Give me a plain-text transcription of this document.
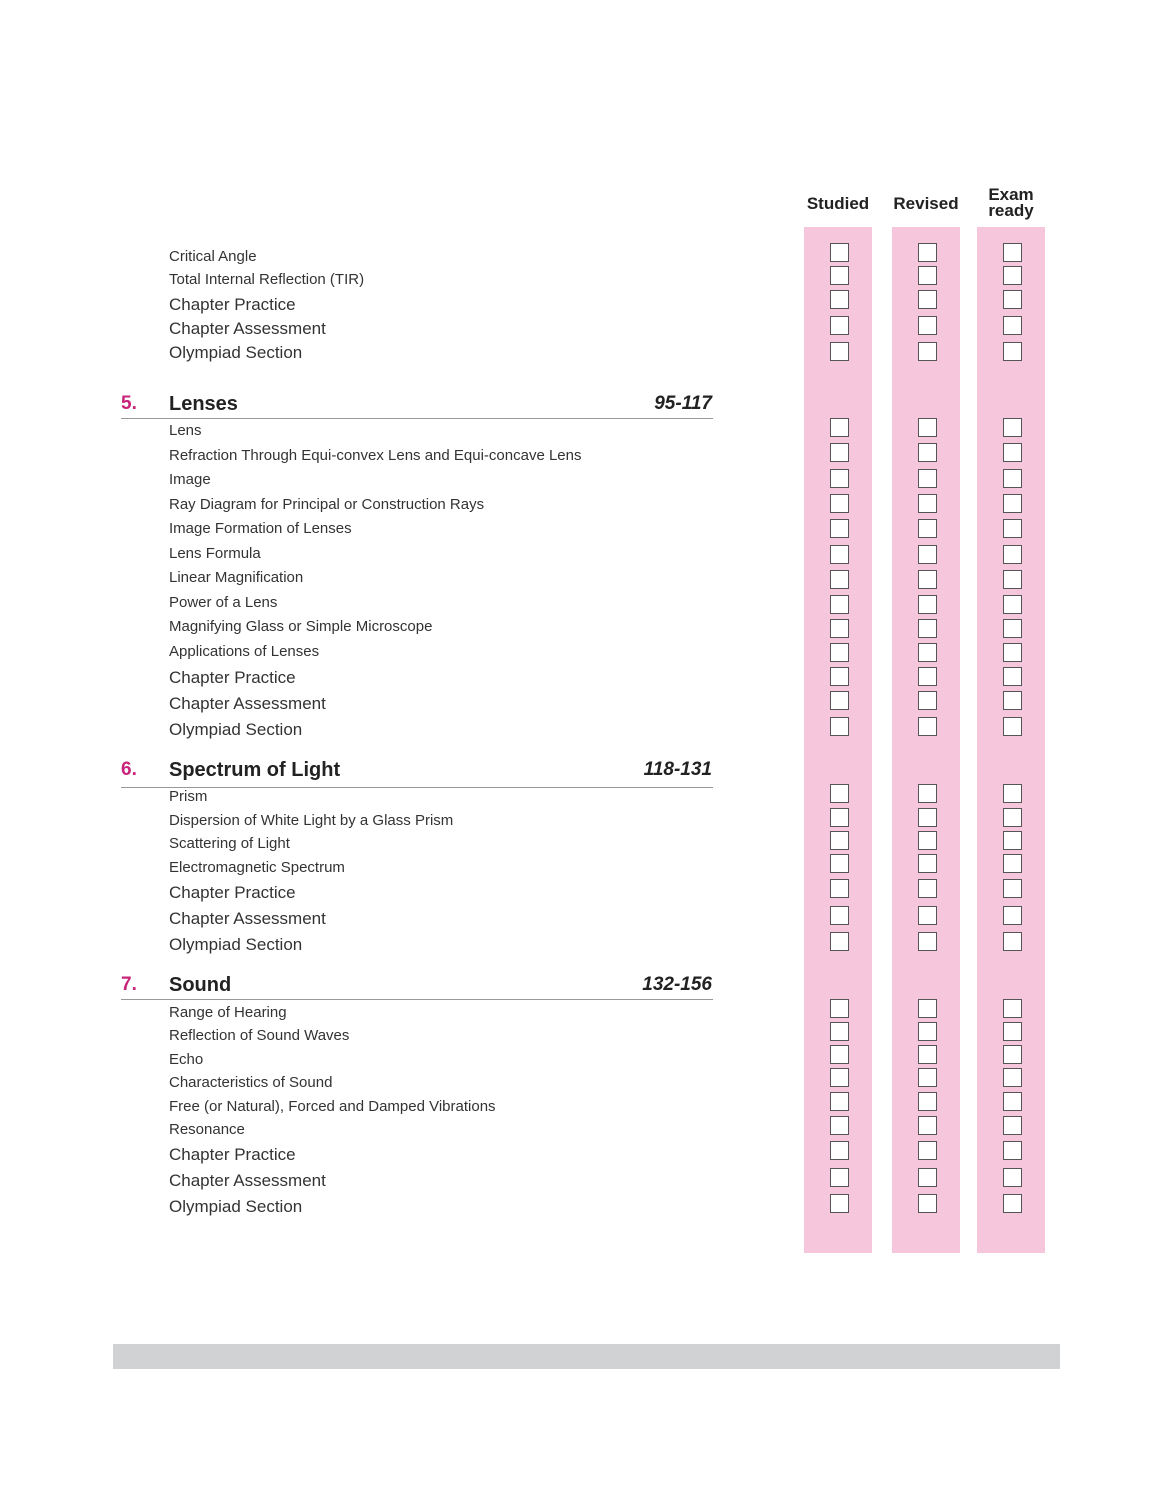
Studied	Revised	Exam
ready
Critical Angle
Total Internal Reflection (TIR)
Chapter Practice
Chapter Assessment
Olympiad Section
5. Lenses	95-117
Lens
Refraction Through Equi-convex Lens and Equi-concave Lens
Image
Ray Diagram for Principal or Construction Rays
Image Formation of Lenses
Lens Formula
Linear Magnification
Power of a Lens
Magnifying Glass or Simple Microscope
Applications of Lenses
Chapter Practice
Chapter Assessment
Olympiad Section
6. Spectrum of Light	118-131
Prism
Dispersion of White Light by a Glass Prism
Scattering of Light
Electromagnetic Spectrum
Chapter Practice
Chapter Assessment
Olympiad Section
7. Sound	132-156
Range of Hearing
Reflection of Sound Waves
Echo
Characteristics of Sound
Free (or Natural), Forced and Damped Vibrations
Resonance
Chapter Practice
Chapter Assessment
Olympiad Section
